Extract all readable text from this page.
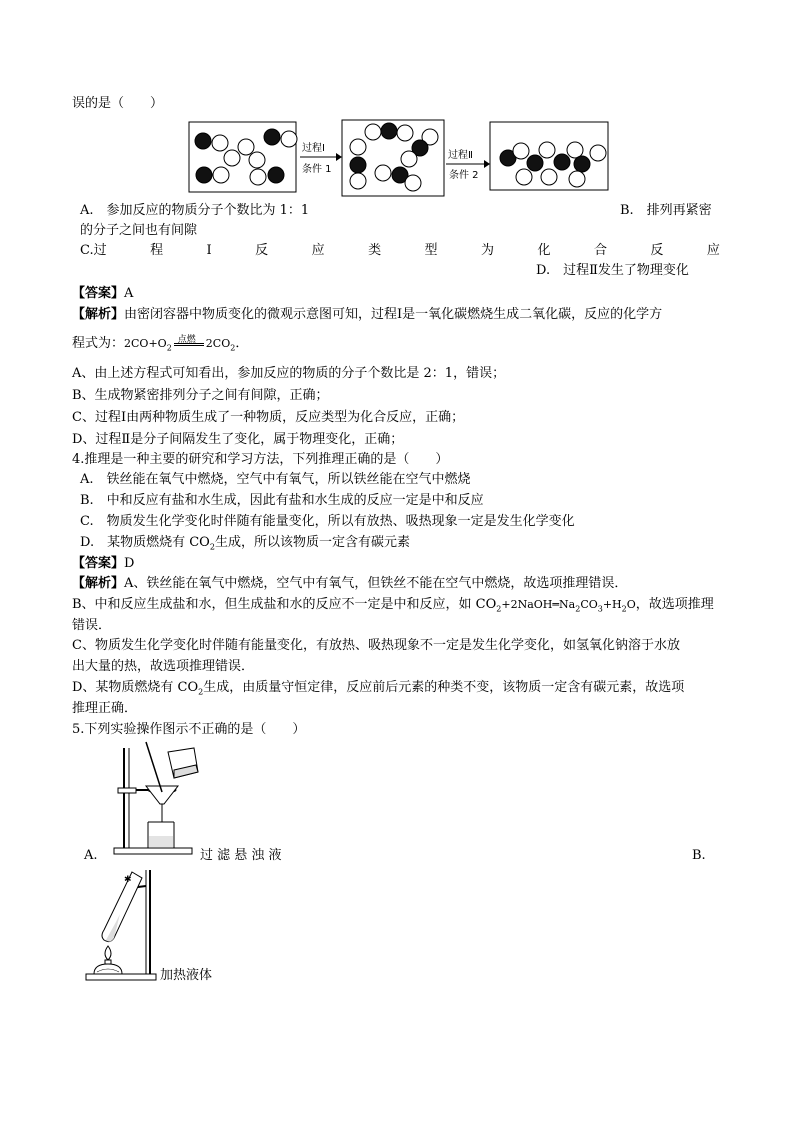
误的是（　　）
过程Ⅰ
条件 1
过程Ⅱ
条件 2
A.　参加反应的物质分子个数比为 1：1	B.　排列再紧密
的分子之间也有间隙
C.过	程	Ⅰ	反	应	类	型	为	化	合	反	应
D.　过程Ⅱ发生了物理变化
【答案】A
【解析】由密闭容器中物质变化的微观示意图可知，过程Ⅰ是一氧化碳燃烧生成二氧化碳，反应的化学方
程式为：$2CO+O_2$
点燃 $2CO_2$．
A、由上述方程式可知看出，参加反应的物质的分子个数比是 2：1，错误；
B、生成物紧密排列分子之间有间隙，正确；
C、过程Ⅰ由两种物质生成了一种物质，反应类型为化合反应，正确；
D、过程Ⅱ是分子间隔发生了变化，属于物理变化，正确；
4.推理是一种主要的研究和学习方法，下列推理正确的是（　　）
A.　铁丝能在氧气中燃烧，空气中有氧气，所以铁丝能在空气中燃烧
B.　中和反应有盐和水生成，因此有盐和水生成的反应一定是中和反应
C.　物质发生化学变化时伴随有能量变化，所以有放热、吸热现象一定是发生化学变化
D.　某物质燃烧有 $CO_2$生成，所以该物质一定含有碳元素
【答案】D
【解析】A、铁丝能在氧气中燃烧，空气中有氧气，但铁丝不能在空气中燃烧，故选项推理错误．
B、中和反应生成盐和水，但生成盐和水的反应不一定是中和反应，如 $CO_2+2NaOH═Na_2CO_3+H_2O$，故选项推理
错误．
C、物质发生化学变化时伴随有能量变化，有放热、吸热现象不一定是发生化学变化，如氢氧化钠溶于水放
出大量的热，故选项推理错误．
D、某物质燃烧有 $CO_2$生成，由质量守恒定律，反应前后元素的种类不变，该物质一定含有碳元素，故选项
推理正确．
5.下列实验操作图示不正确的是（　　）
A.	过 滤 悬 浊 液	B.
✱
加热液体
